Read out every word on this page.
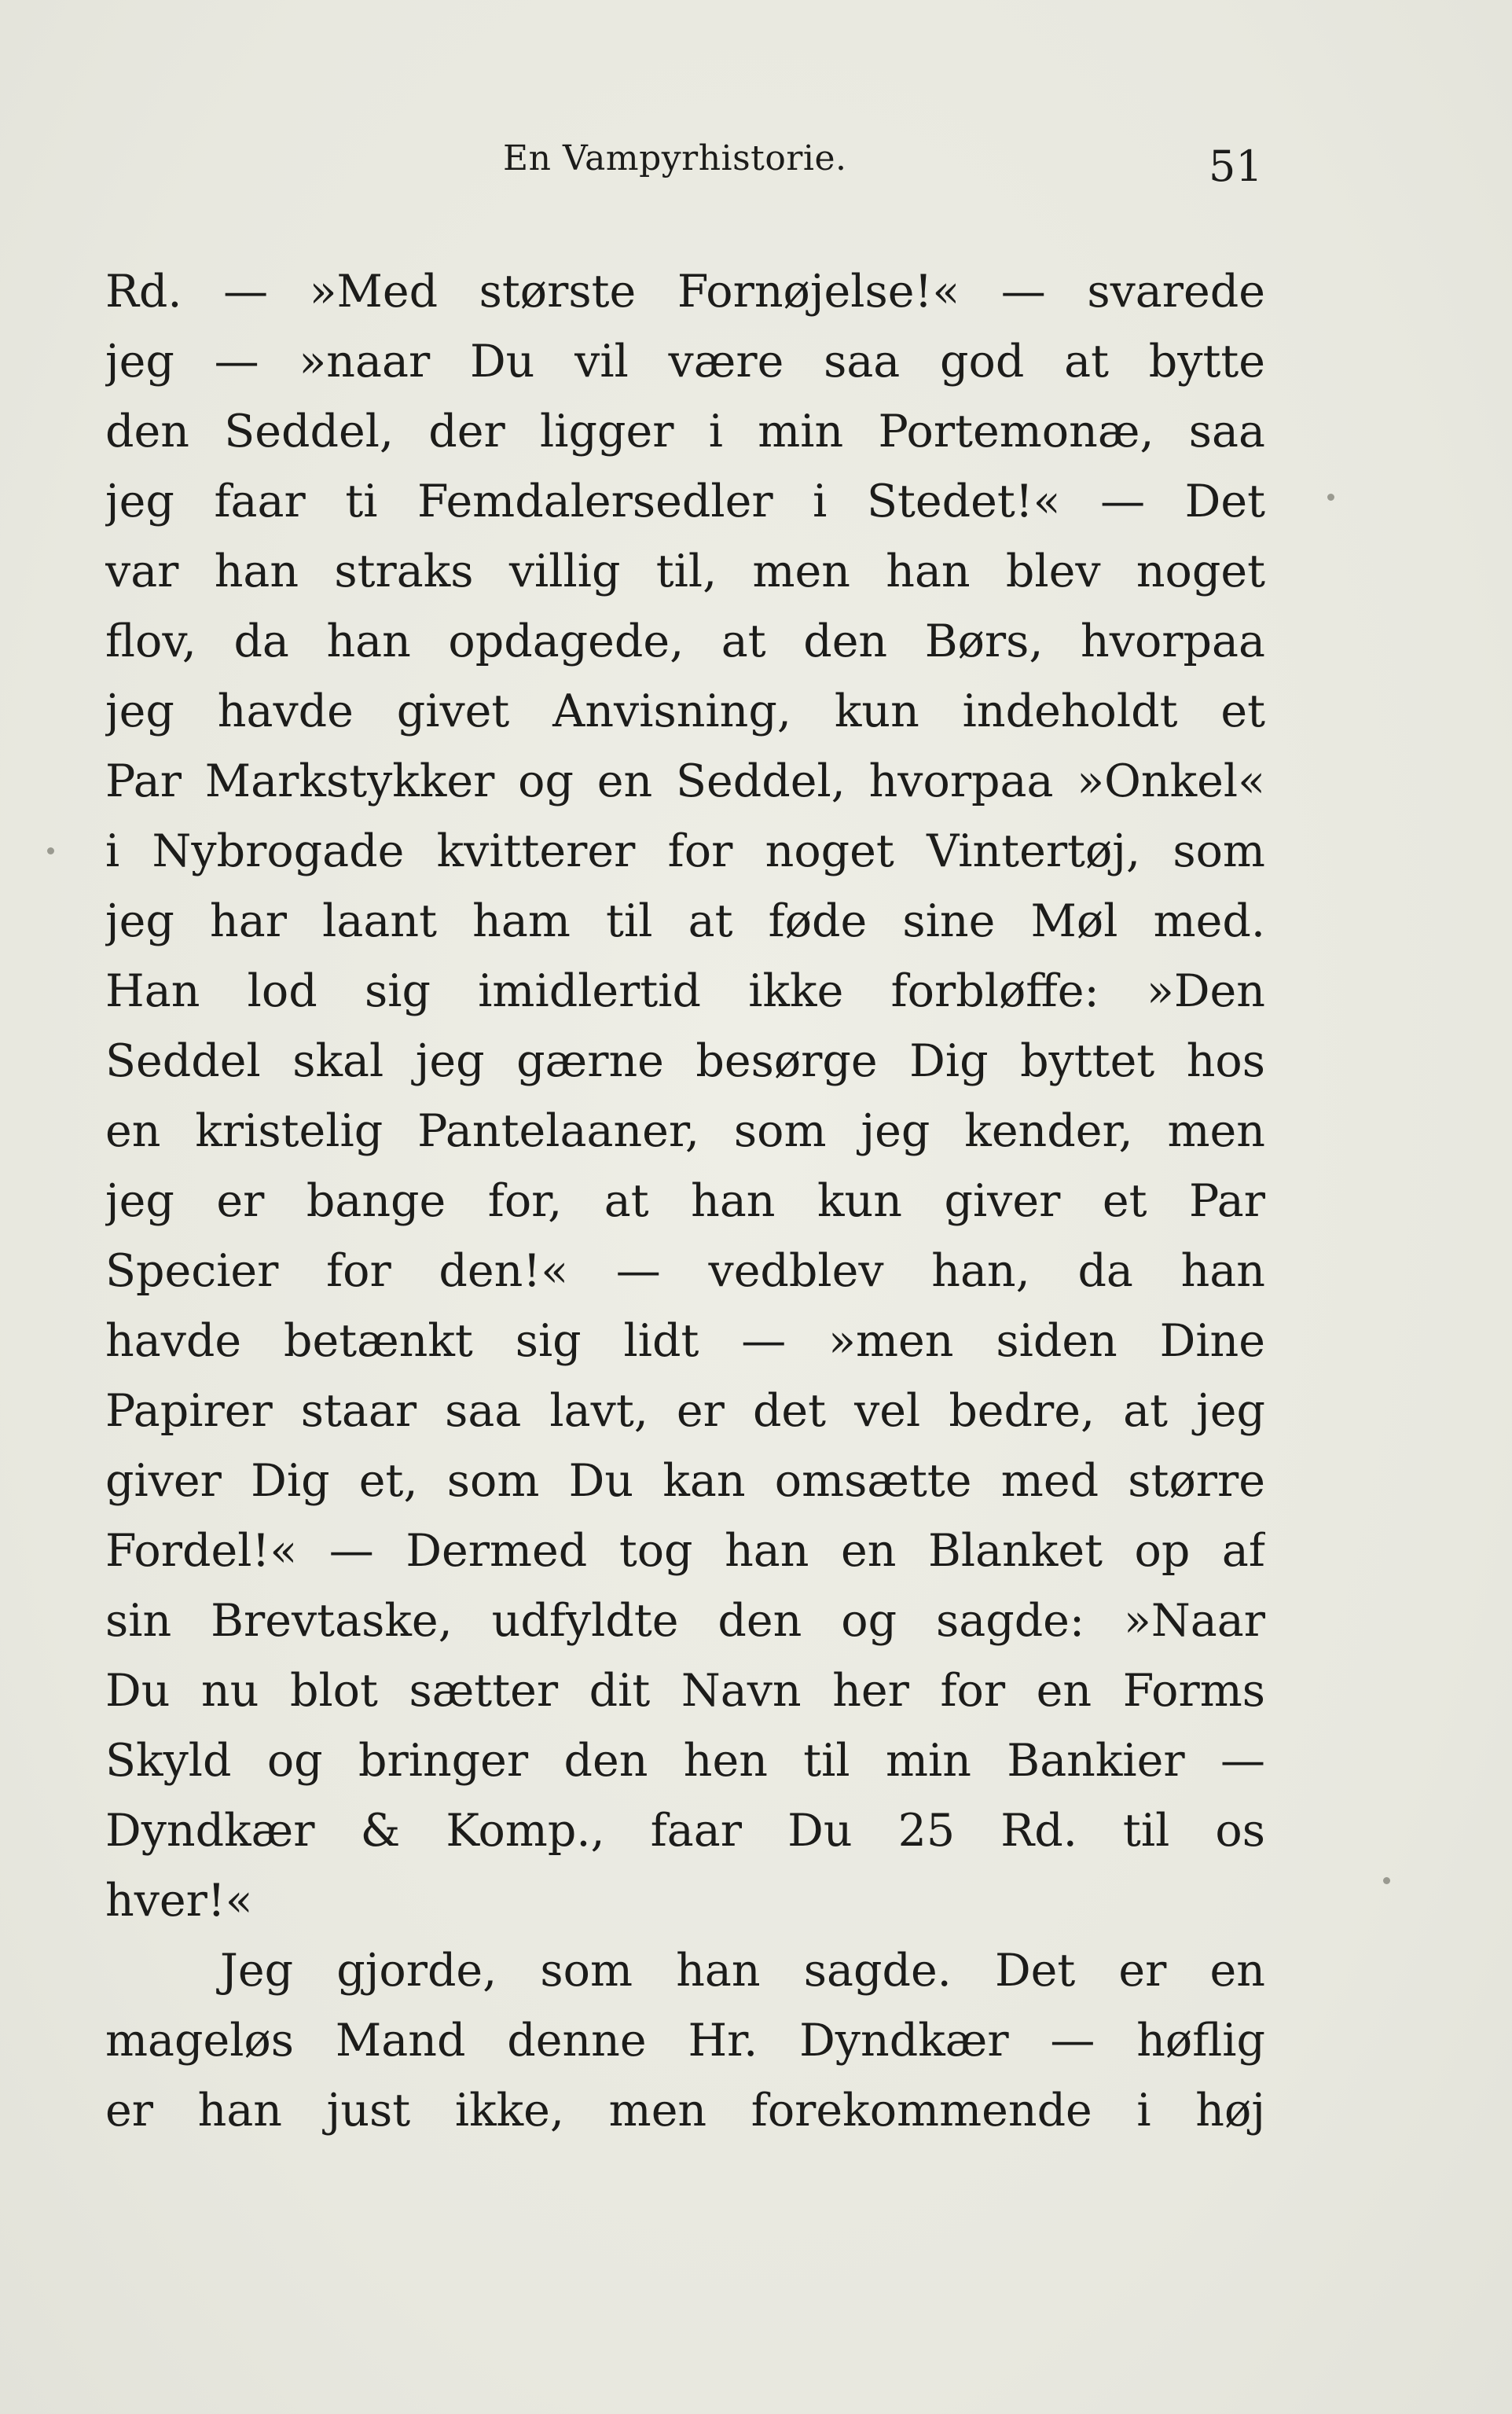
En Vampyrhistorie.	51
Rd. — »Med største Fornøjelse!« — svarede
jeg — »naar Du vil være saa god at bytte
den Seddel, der ligger i min Portemonæ, saa
jeg faar ti Femdalersedler i Stedet!« — Det
var han straks villig til, men han blev noget
flov, da han opdagede, at den Børs, hvorpaa
jeg havde givet Anvisning, kun indeholdt et
Par Markstykker og en Seddel, hvorpaa »Onkel«
i Nybrogade kvitterer for noget Vintertøj, som
jeg har laant ham til at føde sine Møl med.
Han lod sig imidlertid ikke forbløffe: »Den
Seddel skal jeg gærne besørge Dig byttet hos
en kristelig Pantelaaner, som jeg kender, men
jeg er bange for, at han kun giver et Par
Specier for den!« — vedblev han, da han
havde betænkt sig lidt — »men siden Dine
Papirer staar saa lavt, er det vel bedre, at jeg
giver Dig et, som Du kan omsætte med større
Fordel!« — Dermed tog han en Blanket op af
sin Brevtaske, udfyldte den og sagde: »Naar
Du nu blot sætter dit Navn her for en Forms
Skyld og bringer den hen til min Bankier —
Dyndkær & Komp., faar Du 25 Rd. til os
hver!«
Jeg gjorde, som han sagde. Det er en
mageløs Mand denne Hr. Dyndkær — høflig
er han just ikke, men forekommende i høj
